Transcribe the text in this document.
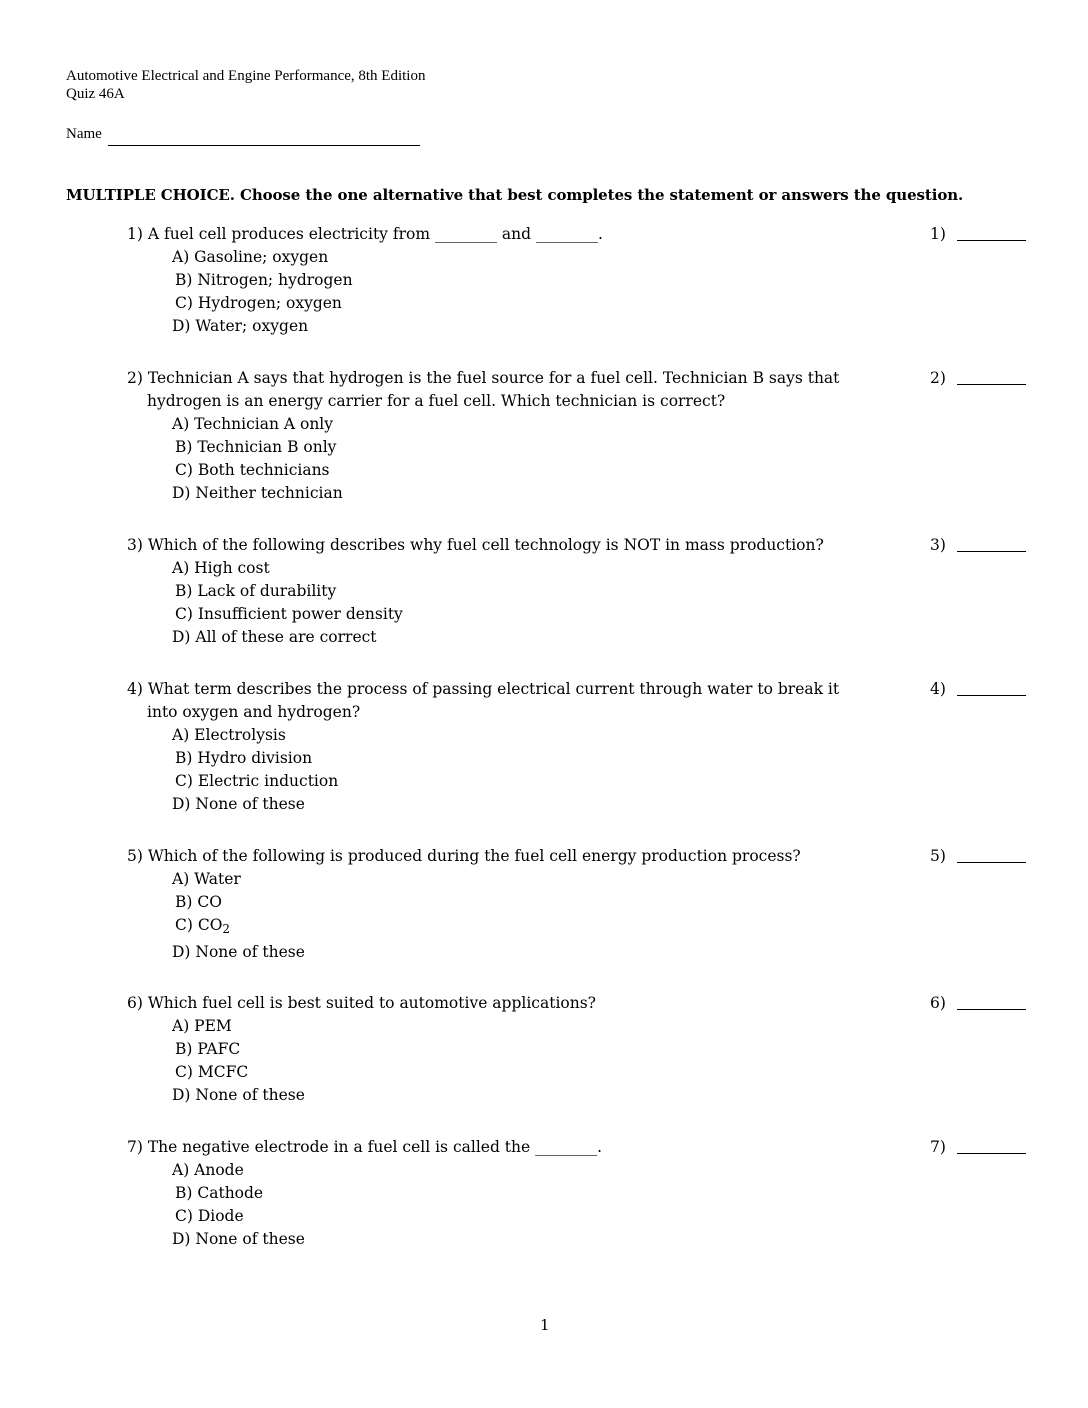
Automotive Electrical and Engine Performance, 8th Edition
Quiz 46A
Name
MULTIPLE CHOICE. Choose the one alternative that best completes the statement or answers the question.
1) A fuel cell produces electricity from ________ and ________.
A) Gasoline; oxygen
B) Nitrogen; hydrogen
C) Hydrogen; oxygen
D) Water; oxygen
1)
2) Technician A says that hydrogen is the fuel source for a fuel cell. Technician B says that hydrogen is an energy carrier for a fuel cell. Which technician is correct?
A) Technician A only
B) Technician B only
C) Both technicians
D) Neither technician
2)
3) Which of the following describes why fuel cell technology is NOT in mass production?
A) High cost
B) Lack of durability
C) Insufficient power density
D) All of these are correct
3)
4) What term describes the process of passing electrical current through water to break it into oxygen and hydrogen?
A) Electrolysis
B) Hydro division
C) Electric induction
D) None of these
4)
5) Which of the following is produced during the fuel cell energy production process?
A) Water
B) CO
C) $CO_2$
D) None of these
5)
6) Which fuel cell is best suited to automotive applications?
A) PEM
B) PAFC
C) MCFC
D) None of these
6)
7) The negative electrode in a fuel cell is called the ________.
A) Anode
B) Cathode
C) Diode
D) None of these
7)
1
